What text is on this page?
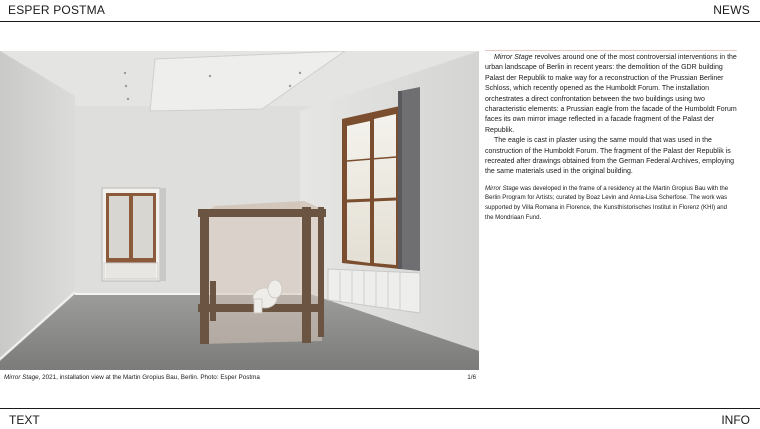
ESPER POSTMA	NEWS
Mirror Stage, 2021, installation view at the Martin Gropius Bau, Berlin. Photo: Esper Postma	1/6

Mirror Stage revolves around one of the most controversial interventions in the urban landscape of Berlin in recent years: the demolition of the GDR building Palast der Republik to make way for a reconstruction of the Prussian Berliner Schloss, which recently opened as the Humboldt Forum. The installation orchestrates a direct confrontation between the two buildings using two characteristic elements: a Prussian eagle from the facade of the Humboldt Forum faces its own mirror image reflected in a facade fragment of the Palast der Republik.

The eagle is cast in plaster using the same mould that was used in the construction of the Humboldt Forum. The fragment of the Palast der Republik is recreated after drawings obtained from the German Federal Archives, employing the same materials used in the original building.

Mirror Stage was developed in the frame of a residency at the Martin Gropius Bau with the Berlin Program for Artists; curated by Boaz Levin and Anna-Lisa Scherfose. The work was supported by Villa Romana in Florence, the Kunsthistorisches Institut in Florenz (KHI) and the Mondriaan Fund.

TEXT	INFO
